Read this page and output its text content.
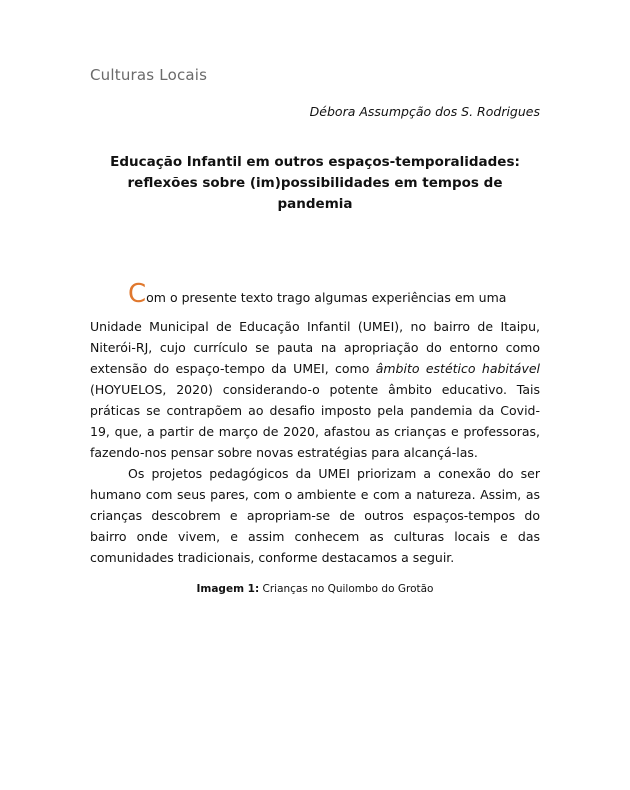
Culturas Locais
Débora Assumpção dos S. Rodrigues
Educação Infantil em outros espaços-temporalidades:
reflexões sobre (im)possibilidades em tempos de
pandemia

Com o presente texto trago algumas experiências em uma
Unidade Municipal de Educação Infantil (UMEI), no bairro de Itaipu, Niterói-RJ, cujo currículo se pauta na apropriação do entorno como extensão do espaço-tempo da UMEI, como âmbito estético habitável (HOYUELOS, 2020) considerando-o potente âmbito educativo. Tais práticas se contrapõem ao desafio imposto pela pandemia da Covid-19, que, a partir de março de 2020, afastou as crianças e professoras, fazendo-nos pensar sobre novas estratégias para alcançá-las.

Os projetos pedagógicos da UMEI priorizam a conexão do ser humano com seus pares, com o ambiente e com a natureza. Assim, as crianças descobrem e apropriam-se de outros espaços-tempos do bairro onde vivem, e assim conhecem as culturas locais e das comunidades tradicionais, conforme destacamos a seguir.

Imagem 1: Crianças no Quilombo do Grotão
